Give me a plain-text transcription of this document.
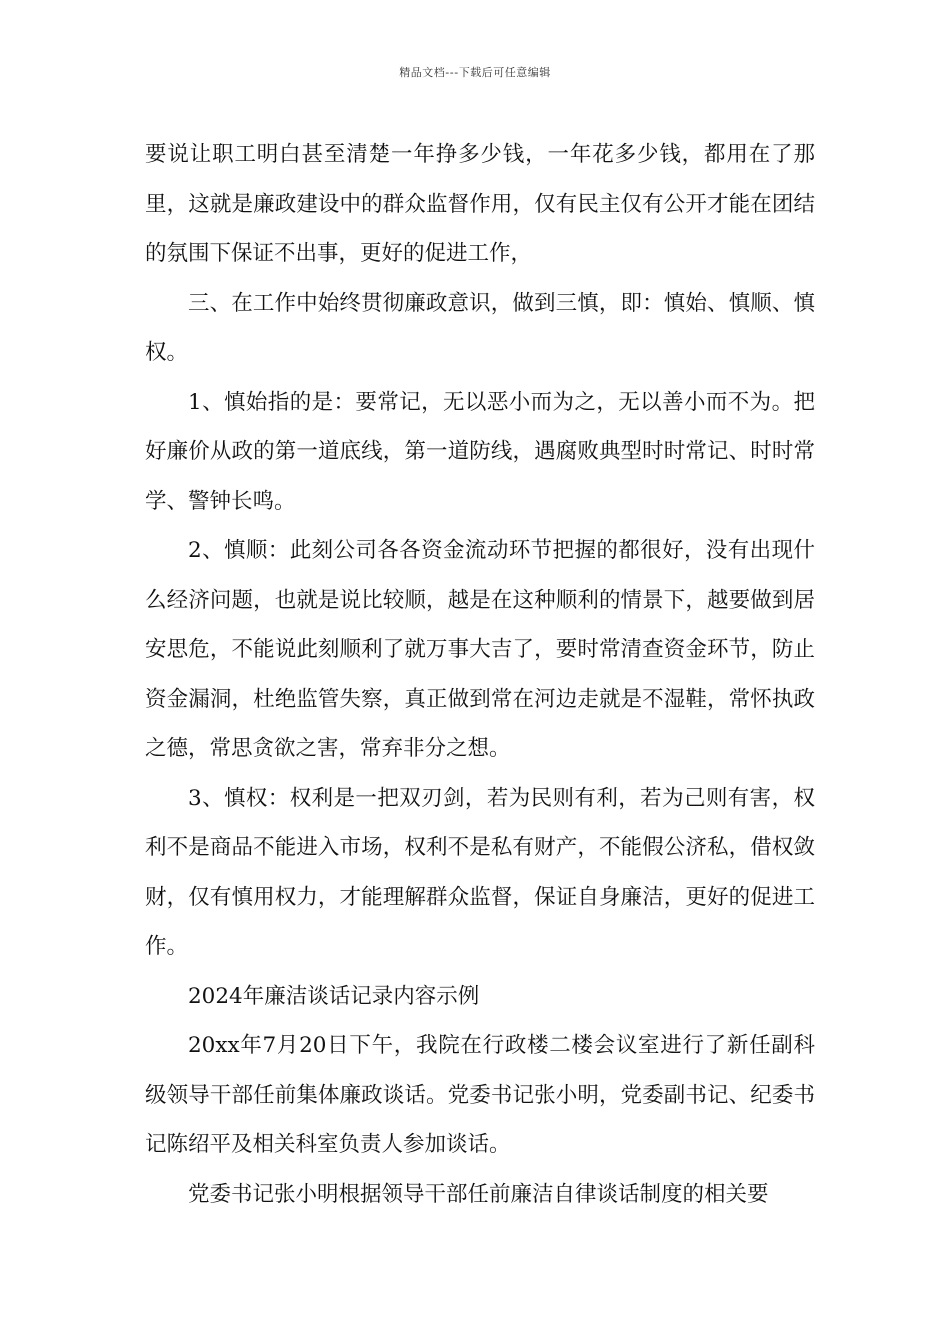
精品文档---下载后可任意编辑

要说让职工明白甚至清楚一年挣多少钱，一年花多少钱，都用在了那里，这就是廉政建设中的群众监督作用，仅有民主仅有公开才能在团结的氛围下保证不出事，更好的促进工作，

三、在工作中始终贯彻廉政意识，做到三慎，即：慎始、慎顺、慎权。

1、慎始指的是：要常记，无以恶小而为之，无以善小而不为。把好廉价从政的第一道底线，第一道防线，遇腐败典型时时常记、时时常学、警钟长鸣。

2、慎顺：此刻公司各各资金流动环节把握的都很好，没有出现什么经济问题，也就是说比较顺，越是在这种顺利的情景下，越要做到居安思危，不能说此刻顺利了就万事大吉了，要时常清查资金环节，防止资金漏洞，杜绝监管失察，真正做到常在河边走就是不湿鞋，常怀执政之德，常思贪欲之害，常弃非分之想。

3、慎权：权利是一把双刃剑，若为民则有利，若为己则有害，权利不是商品不能进入市场，权利不是私有财产，不能假公济私，借权敛财，仅有慎用权力，才能理解群众监督，保证自身廉洁，更好的促进工作。

2024年廉洁谈话记录内容示例

20xx年7月20日下午，我院在行政楼二楼会议室进行了新任副科级领导干部任前集体廉政谈话。党委书记张小明，党委副书记、纪委书记陈绍平及相关科室负责人参加谈话。

党委书记张小明根据领导干部任前廉洁自律谈话制度的相关要
